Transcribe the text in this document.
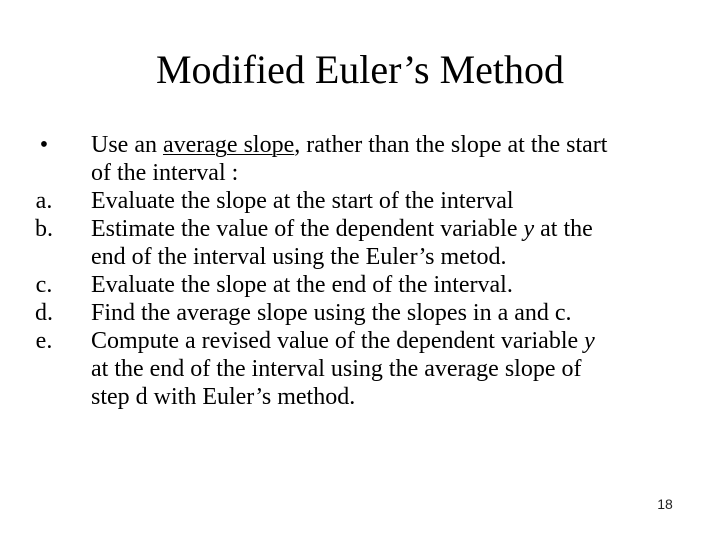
Modified Euler’s Method
•	Use an average slope, rather than the slope at the start
of the interval :
a.	Evaluate the slope at the start of the interval
b.	Estimate the value of the dependent variable y at the
end of the interval using the Euler’s metod.
c.	Evaluate the slope at the end of the interval.
d.	Find the average slope using the slopes in a and c.
e.	Compute a revised value of the dependent variable y
at the end of the interval using the average slope of
step d with Euler’s method.
18
